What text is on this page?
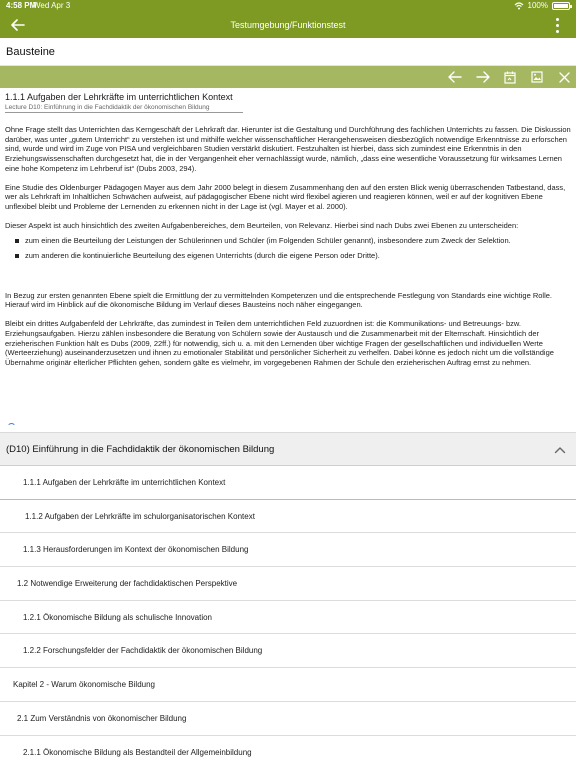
4:58 PM
Wed Apr 3	100%
Testumgebung/Funktionstest
Bausteine
1.1.1 Aufgaben der Lehrkräfte im unterrichtlichen Kontext
Lecture D10: Einführung in die Fachdidaktik der ökonomischen Bildung

Ohne Frage stellt das Unterrichten das Kerngeschäft der Lehrkraft dar. Hierunter ist die Gestaltung und Durchführung des fachlichen Unterrichts zu fassen. Die Diskussion darüber, was unter „gutem Unterricht“ zu verstehen ist und mithilfe welcher wissenschaftlicher Herangehensweisen diesbezüglich notwendige Erkenntnisse zu erforschen sind, wurde und wird im Zuge von PISA und vergleichbaren Studien verstärkt diskutiert. Festzuhalten ist hierbei, dass sich zumindest eine Erkenntnis in den Erziehungswissenschaften durchgesetzt hat, die in der Vergangenheit eher vernachlässigt wurde, nämlich, „dass eine wesentliche Voraussetzung für wirksames Lernen eine hohe Kompetenz im Lehrberuf ist“ (Dubs 2003, 294).

Eine Studie des Oldenburger Pädagogen Mayer aus dem Jahr 2000 belegt in diesem Zusammenhang den auf den ersten Blick wenig überraschenden Tatbestand, dass, wer als Lehrkraft im Inhaltlichen Schwächen aufweist, auf pädagogischer Ebene nicht wird flexibel agieren und reagieren können, weil er auf der kognitiven Ebene unflexibel bleibt und Probleme der Lernenden zu erkennen nicht in der Lage ist (vgl. Mayer et al. 2000).

Dieser Aspekt ist auch hinsichtlich des zweiten Aufgabenbereiches, dem Beurteilen, von Relevanz. Hierbei sind nach Dubs zwei Ebenen zu unterscheiden:

zum einen die Beurteilung der Leistungen der Schülerinnen und Schüler (im Folgenden Schüler genannt), insbesondere zum Zweck der Selektion.
zum anderen die kontinuierliche Beurteilung des eigenen Unterrichts (durch die eigene Person oder Dritte).

In Bezug zur ersten genannten Ebene spielt die Ermittlung der zu vermittelnden Kompetenzen und die entsprechende Festlegung von Standards eine wichtige Rolle. Hierauf wird im Hinblick auf die ökonomische Bildung im Verlauf dieses Bausteins noch näher eingegangen.

Bleibt ein drittes Aufgabenfeld der Lehrkräfte, das zumindest in Teilen dem unterrichtlichen Feld zuzuordnen ist: die Kommunikations- und Betreuungs- bzw. Erziehungsaufgaben. Hierzu zählen insbesondere die Beratung von Schülern sowie der Austausch und die Zusammenarbeit mit der Elternschaft. Hinsichtlich der erzieherischen Funktion hält es Dubs (2009, 22ff.) für notwendig, sich u. a. mit den Lernenden über wichtige Fragen der gesellschaftlichen und individuellen Werte (Werteerziehung) auseinanderzusetzen und ihnen zu emotionaler Stabilität und persönlicher Sicherheit zu verhelfen. Dabei könne es jedoch nicht um die vollständige Übernahme originär elterlicher Pflichten gehen, sondern gälte es vielmehr, im vorgegebenen Rahmen der Schule den erzieherischen Auftrag ernst zu nehmen.

(D10) Einführung in die Fachdidaktik der ökonomischen Bildung
1.1.1 Aufgaben der Lehrkräfte im unterrichtlichen Kontext
1.1.2 Aufgaben der Lehrkräfte im schulorganisatorischen Kontext
1.1.3 Herausforderungen im Kontext der ökonomischen Bildung
1.2 Notwendige Erweiterung der fachdidaktischen Perspektive
1.2.1 Ökonomische Bildung als schulische Innovation
1.2.2 Forschungsfelder der Fachdidaktik der ökonomischen Bildung
Kapitel 2 - Warum ökonomische Bildung
2.1 Zum Verständnis von ökonomischer Bildung
2.1.1 Ökonomische Bildung als Bestandteil der Allgemeinbildung
